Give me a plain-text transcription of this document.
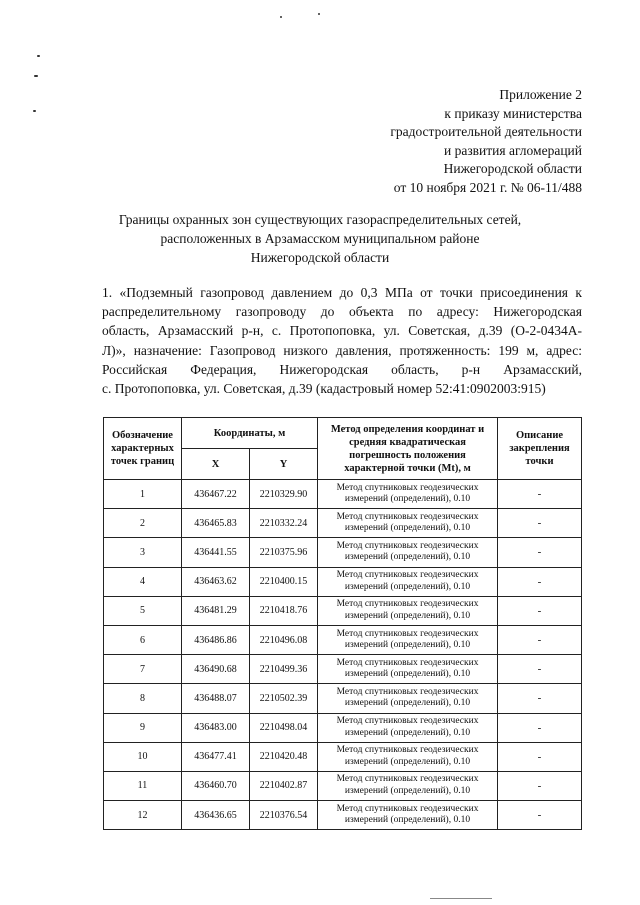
Приложение 2
к приказу министерства
градостроительной деятельности
и развития агломераций
Нижегородской области
от 10 ноября 2021 г. № 06-11/488
Границы охранных зон существующих газораспределительных сетей,
расположенных в Арзамасском муниципальном районе
Нижегородской области
1. «Подземный газопровод давлением до 0,3 МПа от точки присоединения к
распределительному газопроводу до объекта по адресу: Нижегородская
область, Арзамасский р-н, с. Протопоповка, ул. Советская, д.39 (О-2-0434А-
Л)», назначение: Газопровод низкого давления, протяженность: 199 м, адрес:
Российская Федерация, Нижегородская область, р-н Арзамасский,
с. Протопоповка, ул. Советская, д.39 (кадастровый номер 52:41:0902003:915)
Обозначение характерных точек границ	Координаты, м		Метод определения координат и средняя квадратическая погрешность положения характерной точки (Mt), м	Описание закрепления точки
	X	Y		
1	436467.22	2210329.90	Метод спутниковых геодезических измерений (определений), 0.10	-
2	436465.83	2210332.24	Метод спутниковых геодезических измерений (определений), 0.10	-
3	436441.55	2210375.96	Метод спутниковых геодезических измерений (определений), 0.10	-
4	436463.62	2210400.15	Метод спутниковых геодезических измерений (определений), 0.10	-
5	436481.29	2210418.76	Метод спутниковых геодезических измерений (определений), 0.10	-
6	436486.86	2210496.08	Метод спутниковых геодезических измерений (определений), 0.10	-
7	436490.68	2210499.36	Метод спутниковых геодезических измерений (определений), 0.10	-
8	436488.07	2210502.39	Метод спутниковых геодезических измерений (определений), 0.10	-
9	436483.00	2210498.04	Метод спутниковых геодезических измерений (определений), 0.10	-
10	436477.41	2210420.48	Метод спутниковых геодезических измерений (определений), 0.10	-
11	436460.70	2210402.87	Метод спутниковых геодезических измерений (определений), 0.10	-
12	436436.65	2210376.54	Метод спутниковых геодезических измерений (определений), 0.10	-
